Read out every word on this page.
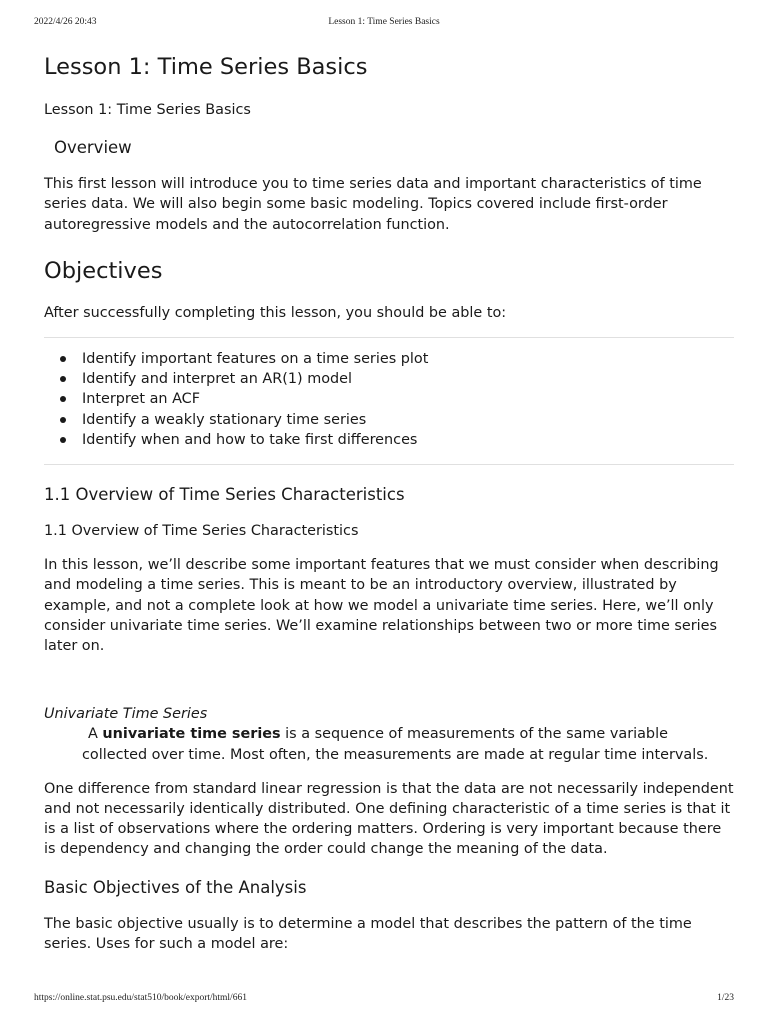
2022/4/26 20:43	Lesson 1: Time Series Basics
Lesson 1: Time Series Basics

Lesson 1: Time Series Basics

Overview

This first lesson will introduce you to time series data and important characteristics of time series data. We will also begin some basic modeling. Topics covered include first-order autoregressive models and the autocorrelation function.

Objectives

After successfully completing this lesson, you should be able to:

Identify important features on a time series plot
Identify and interpret an AR(1) model
Interpret an ACF
Identify a weakly stationary time series
Identify when and how to take first differences
1.1 Overview of Time Series Characteristics

1.1 Overview of Time Series Characteristics

In this lesson, we’ll describe some important features that we must consider when describing and modeling a time series. This is meant to be an introductory overview, illustrated by example, and not a complete look at how we model a univariate time series. Here, we’ll only consider univariate time series. We’ll examine relationships between two or more time series later on.

Univariate Time Series

A univariate time series is a sequence of measurements of the same variable collected over time. Most often, the measurements are made at regular time intervals.

One difference from standard linear regression is that the data are not necessarily independent and not necessarily identically distributed. One defining characteristic of a time series is that it is a list of observations where the ordering matters. Ordering is very important because there is dependency and changing the order could change the meaning of the data.

Basic Objectives of the Analysis

The basic objective usually is to determine a model that describes the pattern of the time series. Uses for such a model are:

https://online.stat.psu.edu/stat510/book/export/html/661	1/23
